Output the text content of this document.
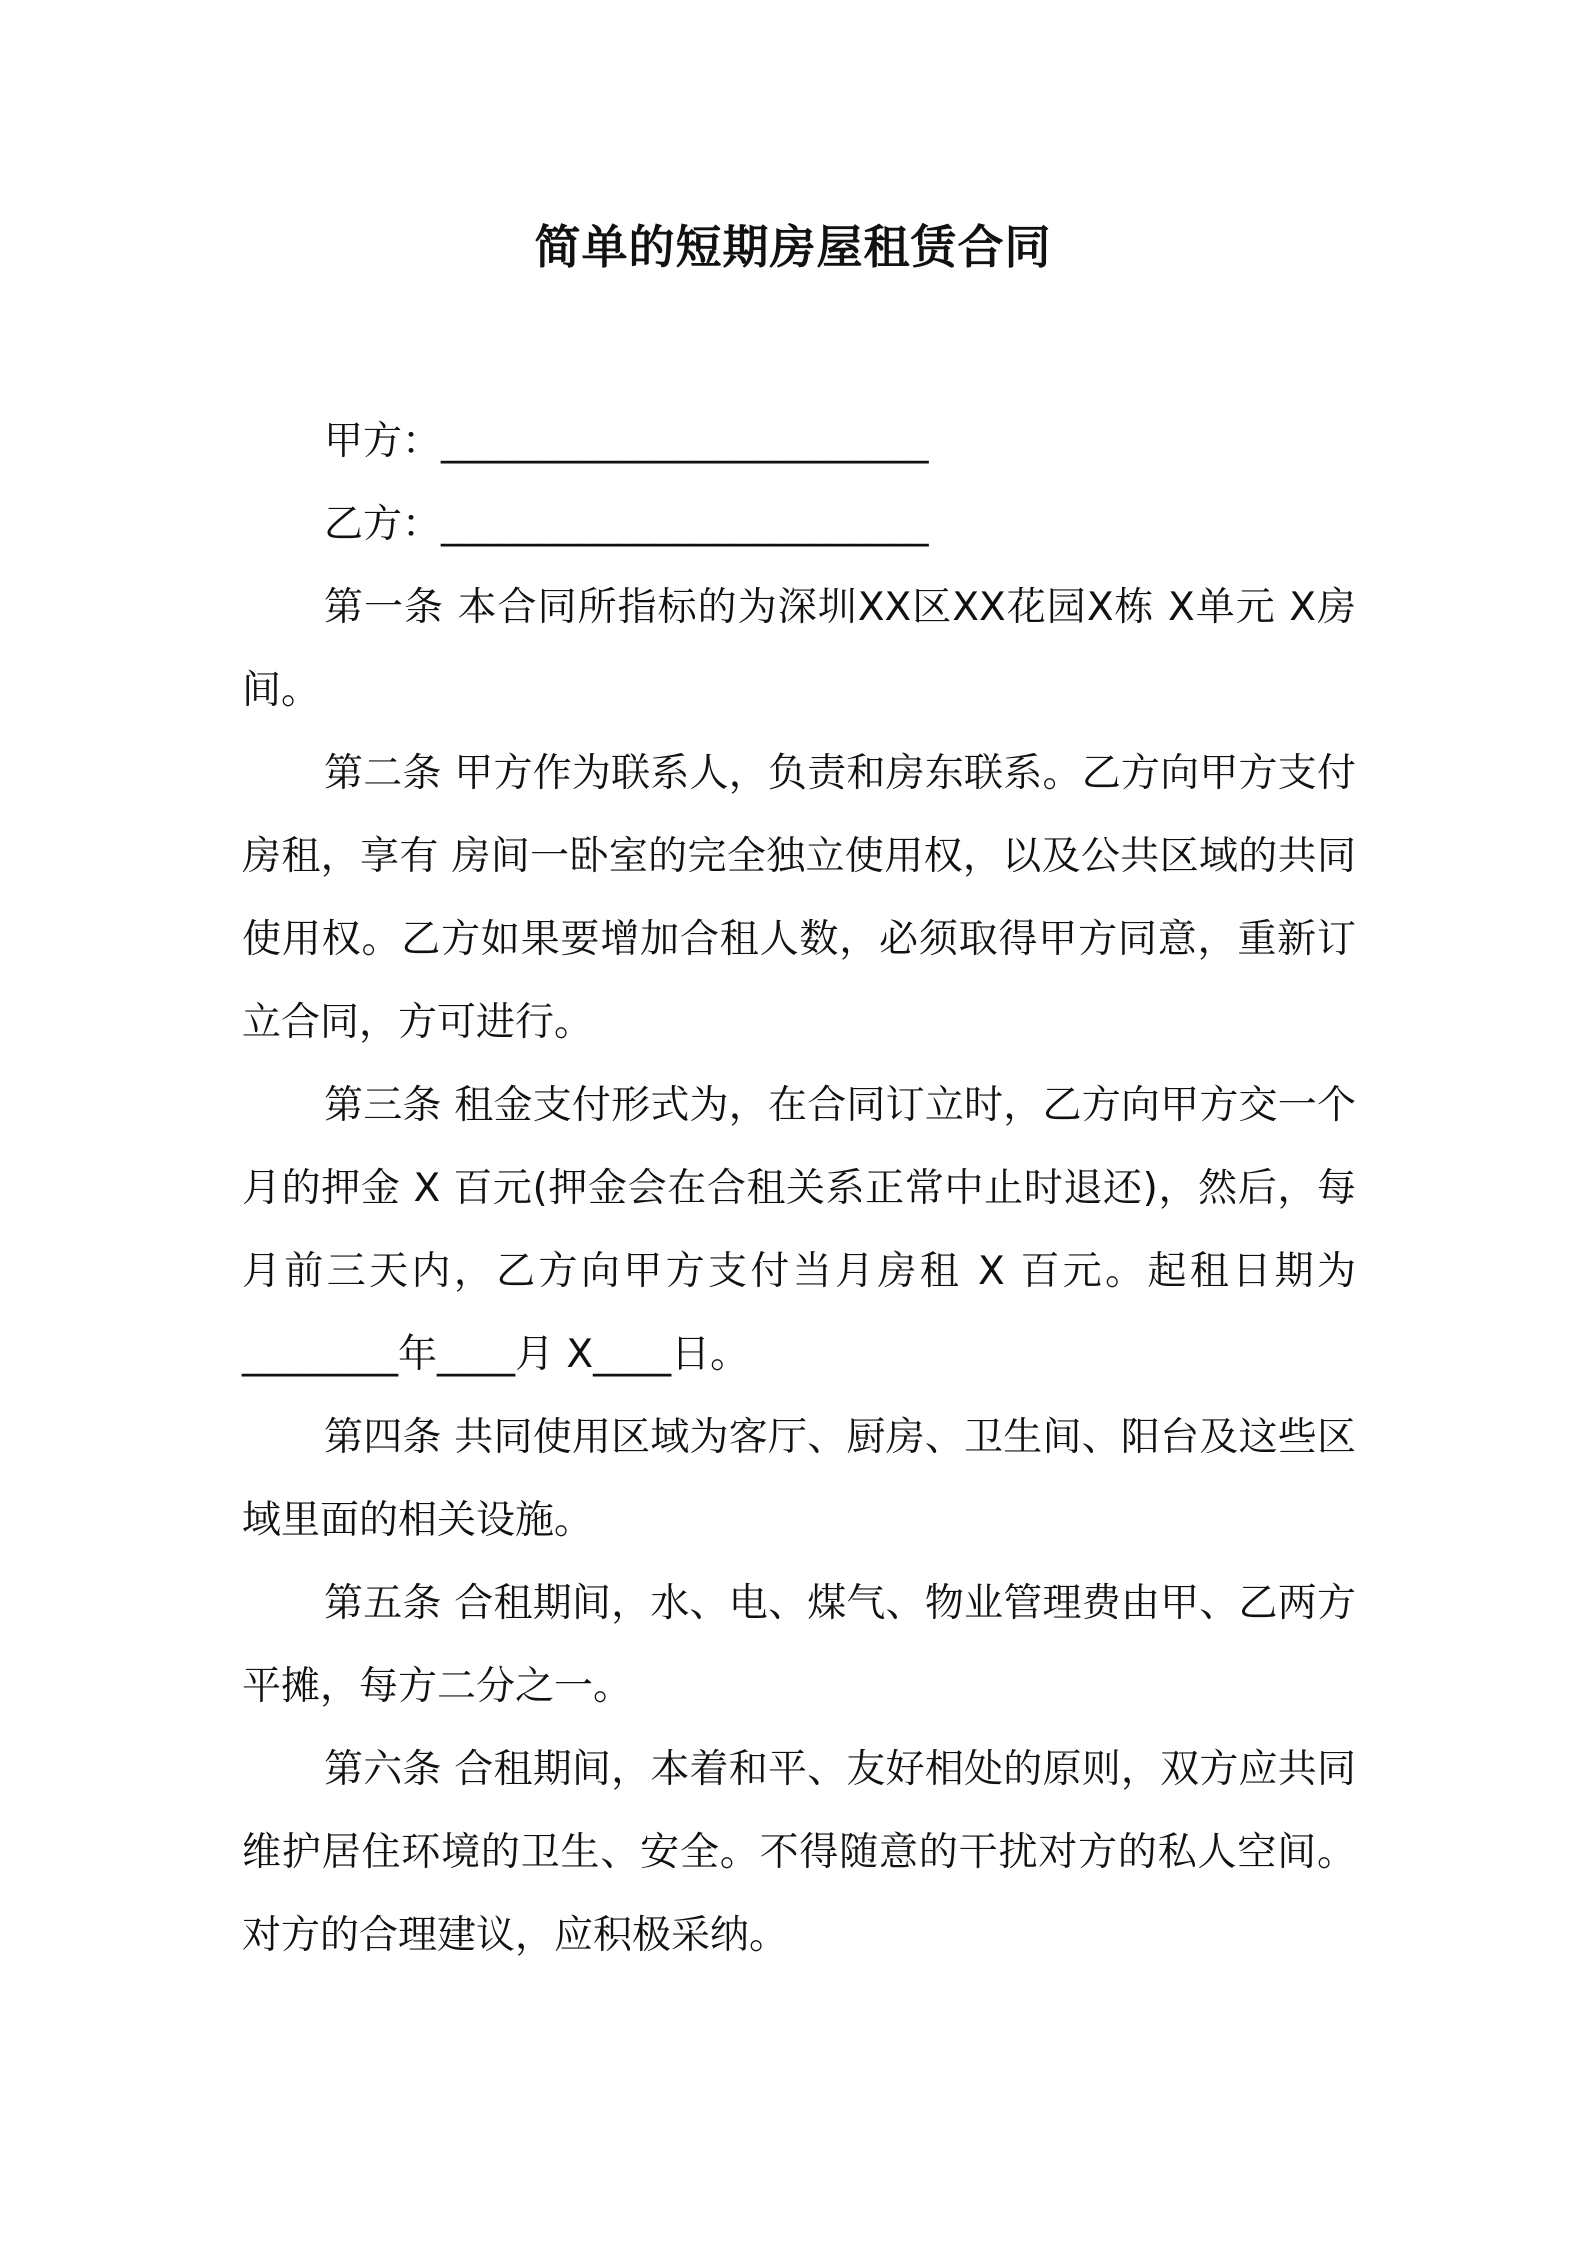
简单的短期房屋租赁合同
甲方：_________________________
乙方：_________________________

第一条 本合同所指标的为深圳XX区XX花园X栋 X单元 X房间。

第二条 甲方作为联系人，负责和房东联系。乙方向甲方支付房租，享有 房间一卧室的完全独立使用权，以及公共区域的共同使用权。乙方如果要增加合租人数，必须取得甲方同意，重新订立合同，方可进行。

第三条 租金支付形式为，在合同订立时，乙方向甲方交一个月的押金 X 百元(押金会在合租关系正常中止时退还)，然后，每月前三天内，乙方向甲方支付当月房租 X 百元。起租日期为________年____月 X____日。

第四条 共同使用区域为客厅、厨房、卫生间、阳台及这些区域里面的相关设施。

第五条 合租期间，水、电、煤气、物业管理费由甲、乙两方平摊，每方二分之一。

第六条 合租期间，本着和平、友好相处的原则，双方应共同维护居住环境的卫生、安全。不得随意的干扰对方的私人空间。对方的合理建议，应积极采纳。
